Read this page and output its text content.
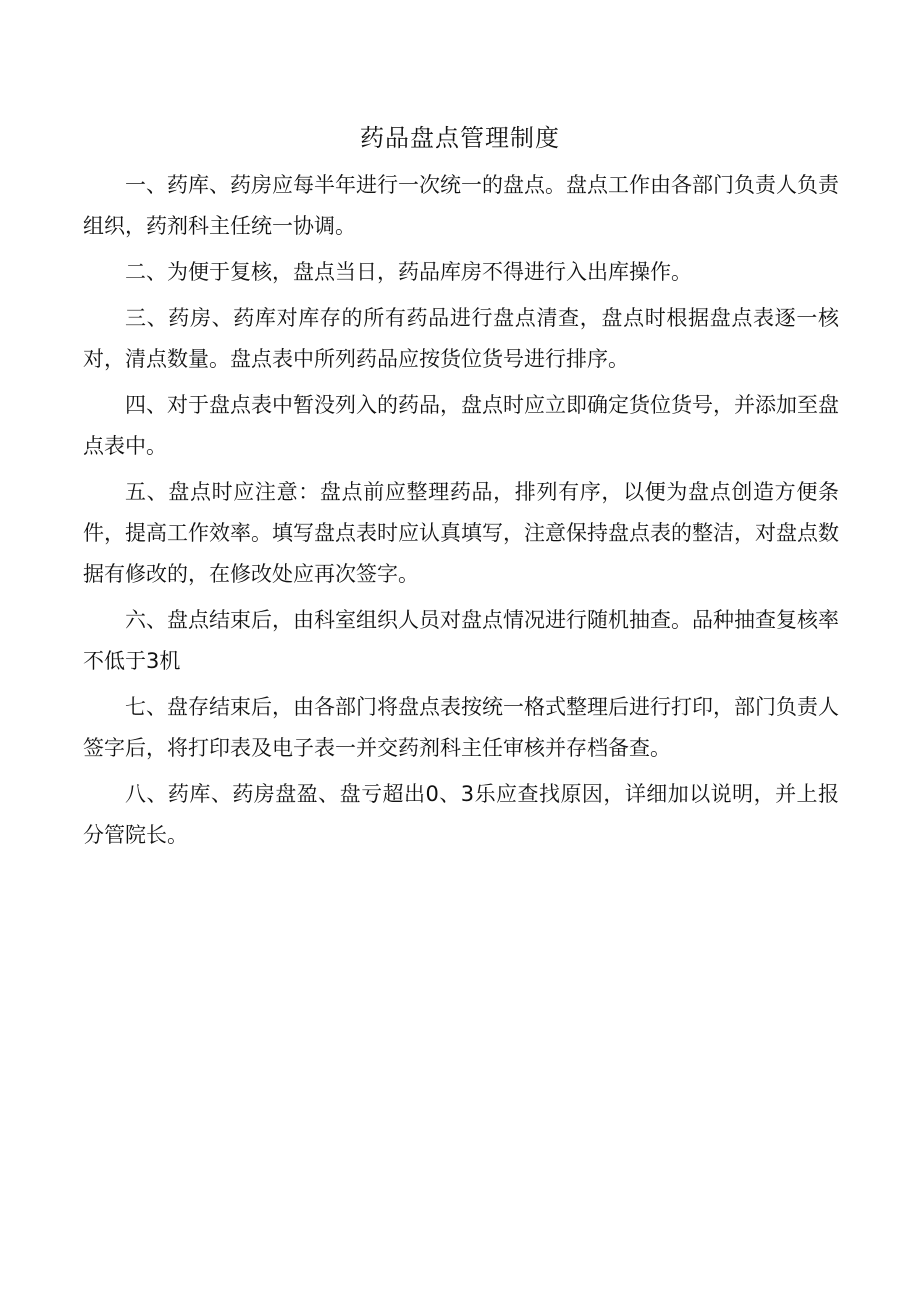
药品盘点管理制度

一、药库、药房应每半年进行一次统一的盘点。盘点工作由各部门负责人负责组织，药剂科主任统一协调。

二、为便于复核，盘点当日，药品库房不得进行入出库操作。

三、药房、药库对库存的所有药品进行盘点清查，盘点时根据盘点表逐一核对，清点数量。盘点表中所列药品应按货位货号进行排序。

四、对于盘点表中暂没列入的药品，盘点时应立即确定货位货号，并添加至盘点表中。

五、盘点时应注意：盘点前应整理药品，排列有序，以便为盘点创造方便条件，提高工作效率。填写盘点表时应认真填写，注意保持盘点表的整洁，对盘点数据有修改的，在修改处应再次签字。

六、盘点结束后，由科室组织人员对盘点情况进行随机抽查。品种抽查复核率不低于3机

七、盘存结束后，由各部门将盘点表按统一格式整理后进行打印，部门负责人签字后，将打印表及电子表一并交药剂科主任审核并存档备查。

八、药库、药房盘盈、盘亏超出0、3乐应查找原因，详细加以说明，并上报分管院长。
